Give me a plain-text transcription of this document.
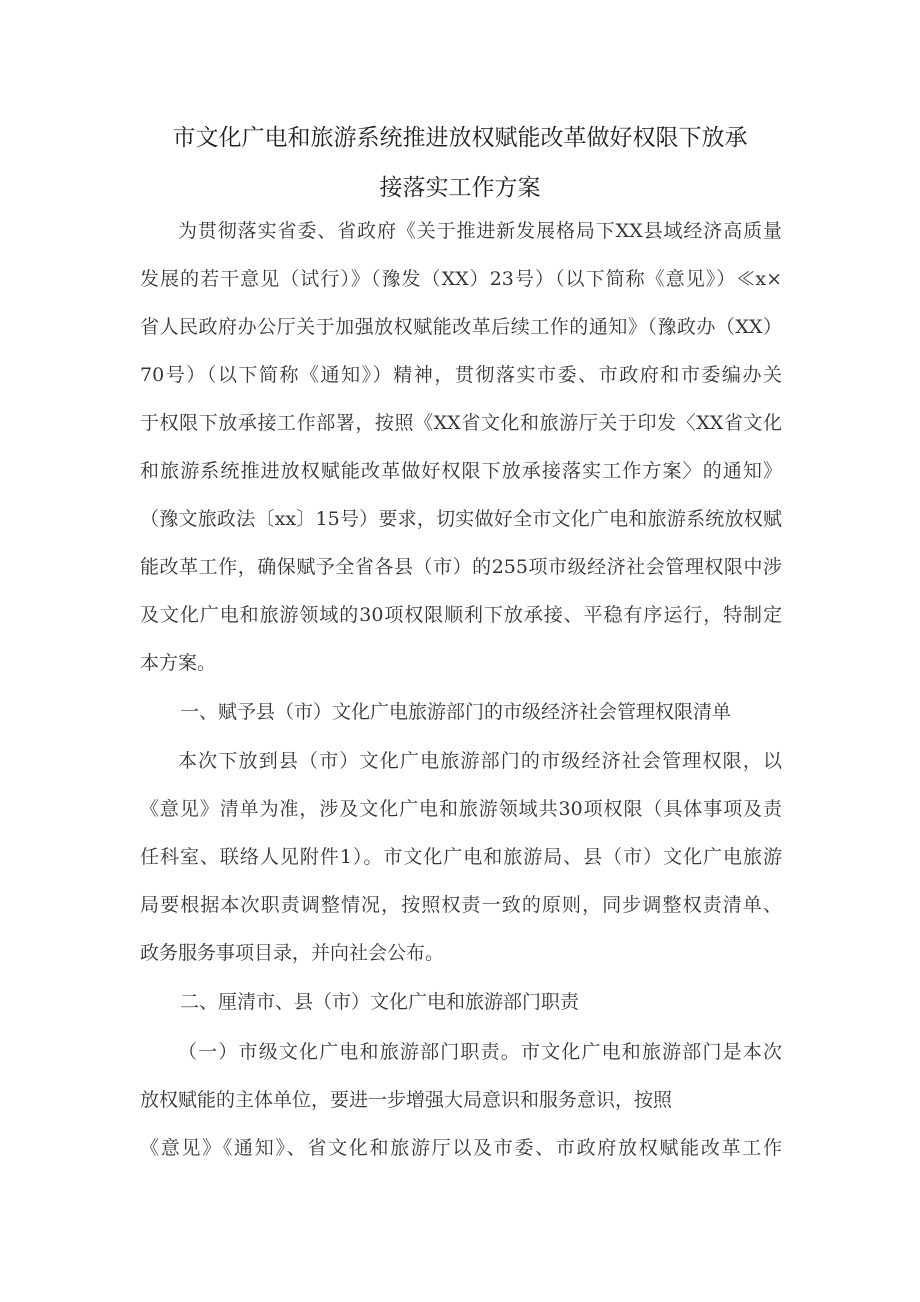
市文化广电和旅游系统推进放权赋能改革做好权限下放承
接落实工作方案
为贯彻落实省委、省政府《关于推进新发展格局下XX县域经济高质量
发展的若干意见（试行）》（豫发（XX）23号）（以下简称《意见》）≪x×
省人民政府办公厅关于加强放权赋能改革后续工作的通知》（豫政办（XX）
70号）（以下简称《通知》）精神，贯彻落实市委、市政府和市委编办关
于权限下放承接工作部署，按照《XX省文化和旅游厅关于印发〈XX省文化
和旅游系统推进放权赋能改革做好权限下放承接落实工作方案〉的通知》
（豫文旅政法〔xx〕15号）要求，切实做好全市文化广电和旅游系统放权赋
能改革工作，确保赋予全省各县（市）的255项市级经济社会管理权限中涉
及文化广电和旅游领域的30项权限顺利下放承接、平稳有序运行，特制定
本方案。
一、赋予县（市）文化广电旅游部门的市级经济社会管理权限清单
本次下放到县（市）文化广电旅游部门的市级经济社会管理权限，以
《意见》清单为准，涉及文化广电和旅游领域共30项权限（具体事项及责
任科室、联络人见附件1）。市文化广电和旅游局、县（市）文化广电旅游
局要根据本次职责调整情况，按照权责一致的原则，同步调整权责清单、
政务服务事项目录，并向社会公布。
二、厘清市、县（市）文化广电和旅游部门职责
（一）市级文化广电和旅游部门职责。市文化广电和旅游部门是本次
放权赋能的主体单位，要进一步增强大局意识和服务意识，按照
《意见》《通知》、省文化和旅游厅以及市委、市政府放权赋能改革工作
